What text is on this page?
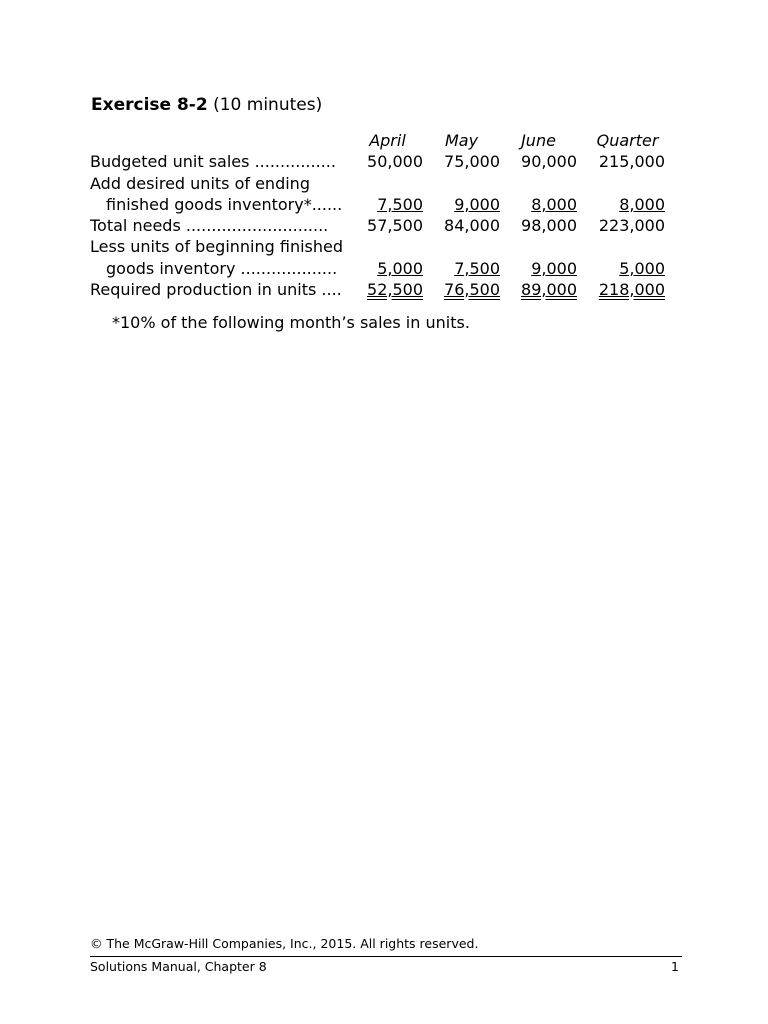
Exercise 8-2 (10 minutes)
	April	May	June		Quarter
Budgeted unit sales ................	50,000	75,000	90,000		215,000
Add desired units of ending					
finished goods inventory*......	7,500	9,000	8,000		8,000
Total needs ............................	57,500	84,000	98,000		223,000
Less units of beginning finished					
goods inventory ...................	5,000	7,500	9,000		5,000
Required production in units ....	52,500	76,500	89,000		218,000
*10% of the following month’s sales in units.
© The McGraw-Hill Companies, Inc., 2015. All rights reserved.
Solutions Manual, Chapter 8	1
